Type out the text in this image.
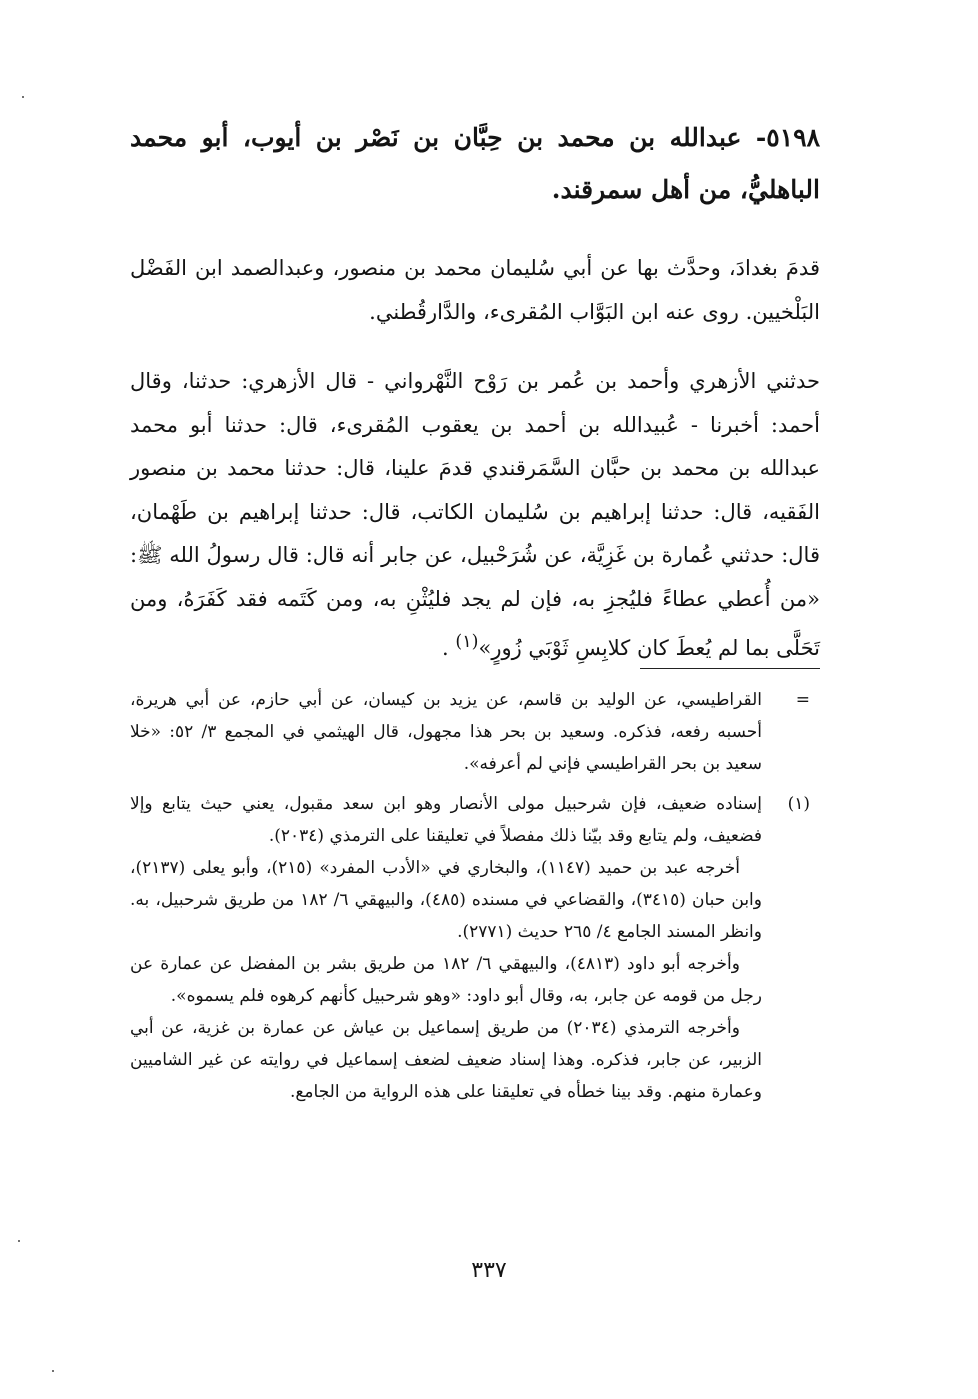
٥١٩٨- عبدالله بن محمد بن حِبَّان بن نَصْر بن أيوب، أبو محمد الباهليُّ، من أهل سمرقند.
قدمَ بغدادَ، وحدَّث بها عن أبي سُليمان محمد بن منصور، وعبدالصمد ابن الفَضْل البَلْخيين. روى عنه ابن البَوَّاب المُقرىء، والدَّارقُطني.

حدثني الأزهري وأحمد بن عُمر بن رَوْح النَّهْرواني - قال الأزهري: حدثنا، وقال أحمد: أخبرنا - عُبيدالله بن أحمد بن يعقوب المُقرىء، قال: حدثنا أبو محمد عبدالله بن محمد بن حبَّان السَّمَرقندي قدمَ علينا، قال: حدثنا محمد بن منصور الفَقيه، قال: حدثنا إبراهيم بن سُليمان الكاتب، قال: حدثنا إبراهيم بن طَهْمان، قال: حدثني عُمارة بن غَزِيَّة، عن شُرَحْبيل، عن جابر أنه قال: قال رسولُ الله ﷺ: «من أُعطي عطاءً فليُجزِ به، فإن لم يجد فليُثْنِ به، ومن كَتَمه فقد كَفَرَهُ، ومن تَحَلَّى بما لم يُعطَ كان كلابِسِ ثَوْبَي زُورٍ»$^{(١)}$ .

=

القراطيسي، عن الوليد بن قاسم، عن يزيد بن كيسان، عن أبي حازم، عن أبي هريرة، أحسبه رفعه، فذكره. وسعيد بن بحر هذا مجهول، قال الهيثمي في المجمع ٣/ ٥٢: «خلا سعيد بن بحر القراطيسي فإني لم أعرفه».

(١)

إسناده ضعيف، فإن شرحبيل مولى الأنصار وهو ابن سعد مقبول، يعني حيث يتابع وإلا فضعيف، ولم يتابع وقد بيّنا ذلك مفصلاً في تعليقنا على الترمذي (٢٠٣٤).

أخرجه عبد بن حميد (١١٤٧)، والبخاري في «الأدب المفرد» (٢١٥)، وأبو يعلى (٢١٣٧)، وابن حبان (٣٤١٥)، والقضاعي في مسنده (٤٨٥)، والبيهقي ٦/ ١٨٢ من طريق شرحبيل، به. وانظر المسند الجامع ٤/ ٢٦٥ حديث (٢٧٧١).

وأخرجه أبو داود (٤٨١٣)، والبيهقي ٦/ ١٨٢ من طريق بشر بن المفضل عن عمارة عن رجل من قومه عن جابر، به، وقال أبو داود: «وهو شرحبيل كأنهم كرهوه فلم يسموه».

وأخرجه الترمذي (٢٠٣٤) من طريق إسماعيل بن عياش عن عمارة بن غزية، عن أبي الزبير، عن جابر، فذكره. وهذا إسناد ضعيف لضعف إسماعيل في روايته عن غير الشاميين وعمارة منهم. وقد بينا خطأه في تعليقنا على هذه الرواية من الجامع.

٣٣٧
